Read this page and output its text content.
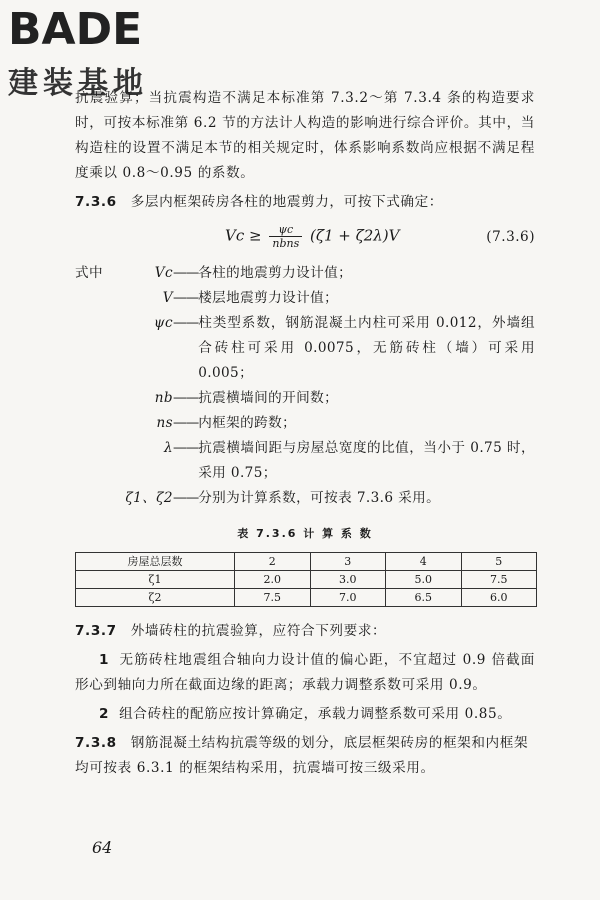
BADE
建装基地

抗震验算；当抗震构造不满足本标准第 7.3.2～第 7.3.4 条的构造要求时，可按本标准第 6.2 节的方法计人构造的影响进行综合评价。其中，当构造柱的设置不满足本节的相关规定时，体系影响系数尚应根据不满足程度乘以 0.8～0.95 的系数。

7.3.6 多层内框架砖房各柱的地震剪力，可按下式确定：

$Vc \ge \frac{\psi c}{\text{nbns}} (\zeta 1 + \zeta 2\lambda)V$	(7.3.6)
式中	Vc —— 各柱的地震剪力设计值；
V —— 楼层地震剪力设计值；
ψc —— 柱类型系数，钢筋混凝土内柱可采用 0.012，外墙组合砖柱可采用 0.0075，无筋砖柱（墙）可采用 0.005；
nb —— 抗震横墙间的开间数；
ns —— 内框架的跨数；
λ —— 抗震横墙间距与房屋总宽度的比值，当小于 0.75 时，采用 0.75；
ζ1、ζ2 —— 分别为计算系数，可按表 7.3.6 采用。
表 7.3.6 计 算 系 数
房屋总层数	2	3	4	5
ζ1	2.0	3.0	5.0	7.5
ζ2	7.5	7.0	6.5	6.0

7.3.7 外墙砖柱的抗震验算，应符合下列要求：

1 无筋砖柱地震组合轴向力设计值的偏心距，不宜超过 0.9 倍截面形心到轴向力所在截面边缘的距离；承载力调整系数可采用 0.9。

2 组合砖柱的配筋应按计算确定，承载力调整系数可采用 0.85。

7.3.8 钢筋混凝土结构抗震等级的划分，底层框架砖房的框架和内框架均可按表 6.3.1 的框架结构采用，抗震墙可按三级采用。

64
